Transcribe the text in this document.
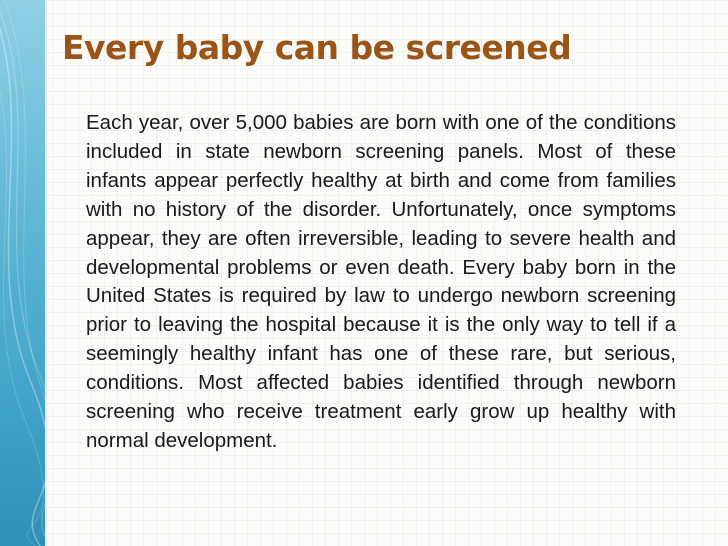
Every baby can be screened

Each year, over 5,000 babies are born with one of the conditions included in state newborn screening panels. Most of these infants appear perfectly healthy at birth and come from families with no history of the disorder. Unfortunately, once symptoms appear, they are often irreversible, leading to severe health and developmental problems or even death. Every baby born in the United States is required by law to undergo newborn screening prior to leaving the hospital because it is the only way to tell if a seemingly healthy infant has one of these rare, but serious, conditions. Most affected babies identified through newborn screening who receive treatment early grow up healthy with normal development.
